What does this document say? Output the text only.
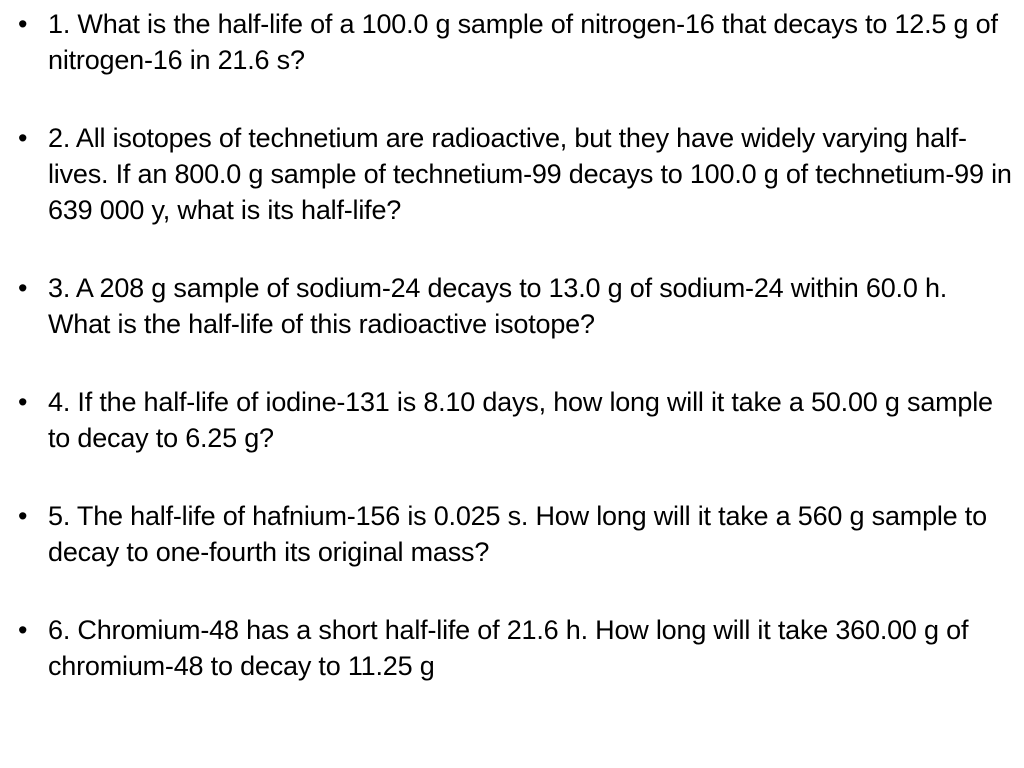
• 1. What is the half-life of a 100.0 g sample of nitrogen-16 that decays to 12.5 g of nitrogen-16 in 21.6 s?
• 2. All isotopes of technetium are radioactive, but they have widely varying half-lives. If an 800.0 g sample of technetium-99 decays to 100.0 g of technetium-99 in 639 000 y, what is its half-life?
• 3. A 208 g sample of sodium-24 decays to 13.0 g of sodium-24 within 60.0 h. What is the half-life of this radioactive isotope?
• 4. If the half-life of iodine-131 is 8.10 days, how long will it take a 50.00 g sample to decay to 6.25 g?
• 5. The half-life of hafnium-156 is 0.025 s. How long will it take a 560 g sample to decay to one-fourth its original mass?
• 6. Chromium-48 has a short half-life of 21.6 h. How long will it take 360.00 g of chromium-48 to decay to 11.25 g
